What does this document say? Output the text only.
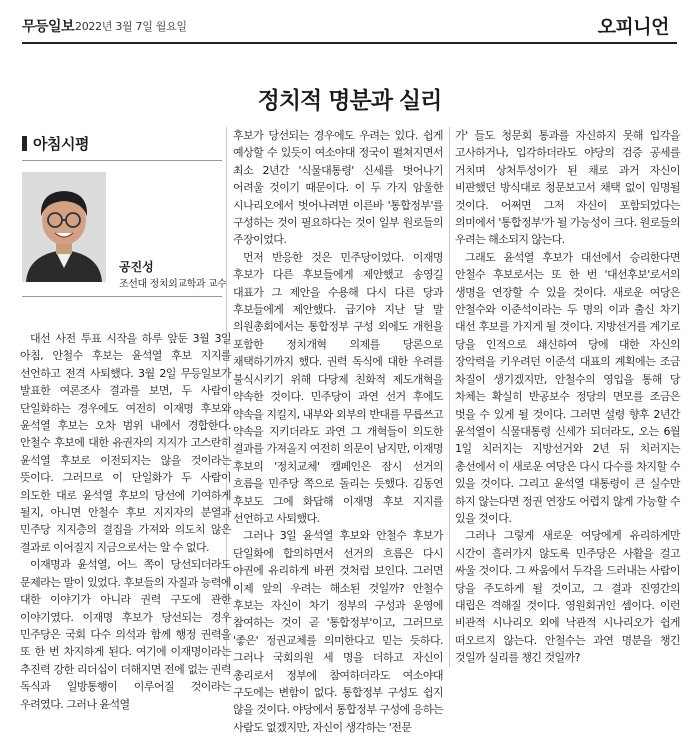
무등일보 2022년 3월 7일 월요일	오피니언
정치적 명분과 실리
아침시평
공진성
조선대 정치외교학과 교수

대선 사전 투표 시작을 하루 앞둔 3월 3일 아침, 안철수 후보는 윤석열 후보 지지를 선언하고 전격 사퇴했다. 3월 2일 무등일보가 발표한 여론조사 결과를 보면, 두 사람이 단일화하는 경우에도 여전히 이재명 후보와 윤석열 후보는 오차 범위 내에서 경합한다. 안철수 후보에 대한 유권자의 지지가 고스란히 윤석열 후보로 이전되지는 않을 것이라는 뜻이다. 그러므로 이 단일화가 두 사람이 의도한 대로 윤석열 후보의 당선에 기여하게 될지, 아니면 안철수 후보 지지자의 분열과 민주당 지지층의 결집을 가져와 의도치 않은 결과로 이어질지 지금으로서는 알 수 없다.

이재명과 윤석열, 어느 쪽이 당선되더라도 문제라는 말이 있었다. 후보들의 자질과 능력에 대한 이야기가 아니라 권력 구도에 관한 이야기였다. 이재명 후보가 당선되는 경우 민주당은 국회 다수 의석과 함께 행정 권력을 또 한 번 차지하게 된다. 여기에 이재명이라는 추진력 강한 리더십이 더해지면 전에 없는 권력 독식과 일방통행이 이루어질 것이라는 우려였다. 그러나 윤석열

후보가 당선되는 경우에도 우려는 있다. 쉽게 예상할 수 있듯이 여소야대 정국이 펼쳐지면서 최소 2년간 '식물대통령' 신세를 벗어나기 어려울 것이기 때문이다. 이 두 가지 암울한 시나리오에서 벗어나려면 이른바 '통합정부'를 구성하는 것이 필요하다는 것이 일부 원로들의 주장이었다.

먼저 반응한 것은 민주당이었다. 이재명 후보가 다른 후보들에게 제안했고 송영길 대표가 그 제안을 수용해 다시 다른 당과 후보들에게 제안했다. 급기야 지난 달 말 의원총회에서는 통합정부 구성 외에도 개헌을 포함한 정치개혁 의제를 당론으로 채택하기까지 했다. 권력 독식에 대한 우려를 불식시키기 위해 다당제 친화적 제도개혁을 약속한 것이다. 민주당이 과연 선거 후에도 약속을 지킬지, 내부와 외부의 반대를 무릅쓰고 약속을 지키더라도 과연 그 개혁들이 의도한 결과를 가져올지 여전히 의문이 남지만, 이재명 후보의 '정치교체' 캠페인은 잠시 선거의 흐름을 민주당 쪽으로 돌리는 듯했다. 김동연 후보도 그에 화답해 이재명 후보 지지를 선언하고 사퇴했다.

그러나 3일 윤석열 후보와 안철수 후보가 단일화에 합의하면서 선거의 흐름은 다시 야권에 유리하게 바뀐 것처럼 보인다. 그러면 이제 앞의 우려는 해소된 것일까? 안철수 후보는 자신이 차기 정부의 구성과 운영에 참여하는 것이 곧 '통합정부'이고, 그러므로 '좋은' 정권교체를 의미한다고 믿는 듯하다. 그러나 국회의원 세 명을 더하고 자신이 총리로서 정부에 참여하더라도 여소야대 구도에는 변함이 없다. 통합정부 구성도 쉽지 않을 것이다. 야당에서 통합정부 구성에 응하는 사람도 없겠지만, 자신이 생각하는 '전문

가' 들도 청문회 통과를 자신하지 못해 입각을 고사하거나, 입각하더라도 야당의 검증 공세를 거치며 상처투성이가 된 채로 과거 자신이 비판했던 방식대로 청문보고서 채택 없이 임명될 것이다. 어쩌면 그저 자신이 포함되었다는 의미에서 '통합정부'가 될 가능성이 크다. 원로들의 우려는 해소되지 않는다.

그래도 윤석열 후보가 대선에서 승리한다면 안철수 후보로서는 또 한 번 '대선후보'로서의 생명을 연장할 수 있을 것이다. 새로운 여당은 안철수와 이준석이라는 두 명의 이과 출신 차기 대선 후보를 가지게 될 것이다. 지방선거를 계기로 당을 인적으로 쇄신하여 당에 대한 자신의 장악력을 키우려던 이준석 대표의 계획에는 조금 차질이 생기겠지만, 안철수의 영입을 통해 당 차체는 확실히 반공보수 정당의 면모를 조금은 벗을 수 있게 될 것이다. 그러면 설령 향후 2년간 윤석열이 식물대통령 신세가 되더라도, 오는 6월 1일 치러지는 지방선거와 2년 뒤 치러지는 총선에서 이 새로운 여당은 다시 다수를 차지할 수 있을 것이다. 그리고 윤석열 대통령이 큰 실수만 하지 않는다면 정권 연장도 어렵지 않게 가능할 수 있을 것이다.

그러나 그렇게 새로운 여당에게 유리하게만 시간이 흘러가지 않도록 민주당은 사활을 걸고 싸울 것이다. 그 싸움에서 두각을 드러내는 사람이 당을 주도하게 될 것이고, 그 결과 진영간의 대립은 격해질 것이다. 영원회귀인 셈이다. 이런 비관적 시나리오 외에 낙관적 시나리오가 쉽게 떠오르지 않는다. 안철수는 과연 명분을 챙긴 것일까 실리를 챙긴 것일까?
